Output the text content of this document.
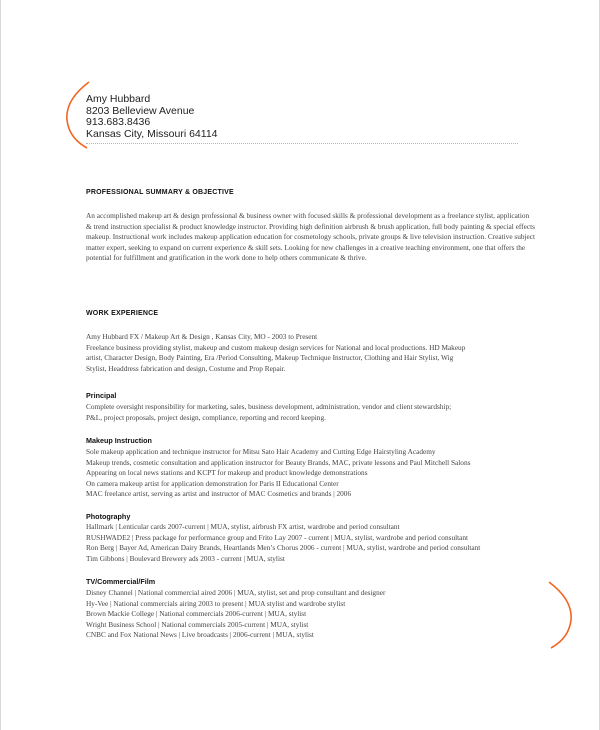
Amy Hubbard
8203 Belleview Avenue
913.683.8436
Kansas City, Missouri 64114
PROFESSIONAL SUMMARY & OBJECTIVE
An accomplished makeup art & design professional & business owner with focused skills & professional development as a freelance stylist, application & trend instruction specialist & product knowledge instructor. Providing high definition airbrush & brush application, full body painting & special effects makeup. Instructional work includes makeup application education for cosmetology schools, private groups & live television instruction. Creative subject matter expert, seeking to expand on current experience & skill sets. Looking for new challenges in a creative teaching environment, one that offers the potential for fulfillment and gratification in the work done to help others communicate & thrive.
WORK EXPERIENCE
Amy Hubbard FX / Makeup Art & Design , Kansas City, MO - 2003 to Present
Freelance business providing stylist, makeup and custom makeup design services for National and local productions. HD Makeup
artist, Character Design, Body Painting, Era /Period Consulting, Makeup Technique Instructor, Clothing and Hair Stylist, Wig
Stylist, Headdress fabrication and design, Costume and Prop Repair.
Principal
Complete oversight responsibility for marketing, sales, business development, administration, vendor and client stewardship;
P&L, project proposals, project design, compliance, reporting and record keeping.
Makeup Instruction
Sole makeup application and technique instructor for Mitsu Sato Hair Academy and Cutting Edge Hairstyling Academy
Makeup trends, cosmetic consultation and application instructor for Beauty Brands, MAC, private lessons and Paul Mitchell Salons
Appearing on local news stations and KCPT for makeup and product knowledge demonstrations
On camera makeup artist for application demonstration for Paris II Educational Center
MAC freelance artist, serving as artist and instructor of MAC Cosmetics and brands | 2006
Photography
Hallmark | Lenticular cards 2007-current | MUA, stylist, airbrush FX artist, wardrobe and period consultant
RUSHWADE2 | Press package for performance group and Frito Lay 2007 - current | MUA, stylist, wardrobe and period consultant
Ron Berg | Bayer Ad, American Dairy Brands, Heartlands Men’s Chorus 2006 - current | MUA, stylist, wardrobe and period consultant
Tim Gibbons | Boulevard Brewery ads 2003 - current | MUA, stylist
TV/Commercial/Film
Disney Channel | National commercial aired 2006 | MUA, stylist, set and prop consultant and designer
Hy-Vee | National commercials airing 2003 to present | MUA stylist and wardrobe stylist
Brown Mackie College | National commercials 2006-current | MUA, stylist
Wright Business School | National commercials 2005-current | MUA, stylist
CNBC and Fox National News | Live broadcasts | 2006-current | MUA, stylist
